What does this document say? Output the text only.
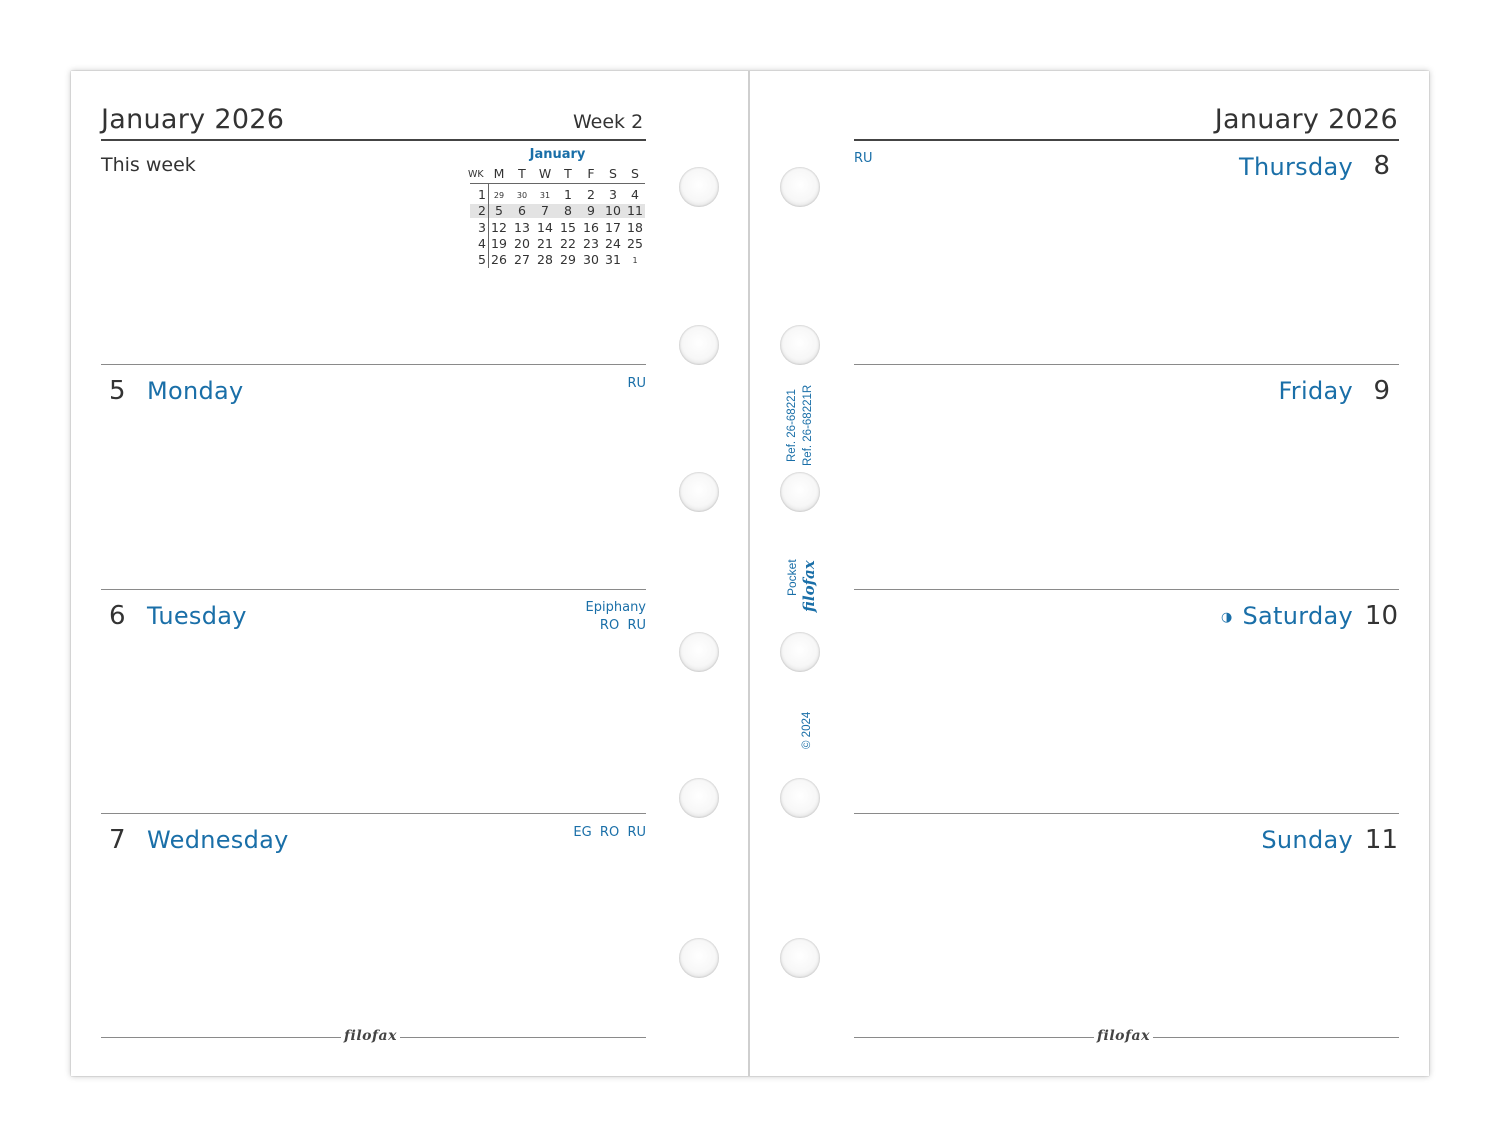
January 2026	Week 2
This week	January
WK M	T	W	T	F	S	S
1 29	30	31	1	2	3	4
2 5	6	7	8	9 10 11
3 12 13 14 15 16 17 18
4 19 20 21 22 23 24 25
5 26 27 28 29 30 31	1
5 Monday	RU
6 Tuesday	Epiphany
RO  RU
7 Wednesday	EG  RO  RU
filofax
Ref. 26-68221 Ref. 26-68221R
Pocket filofax
© 2024
January 2026
RU	Thursday 8
Friday 9
◑ Saturday 10
Sunday 11
filofax
